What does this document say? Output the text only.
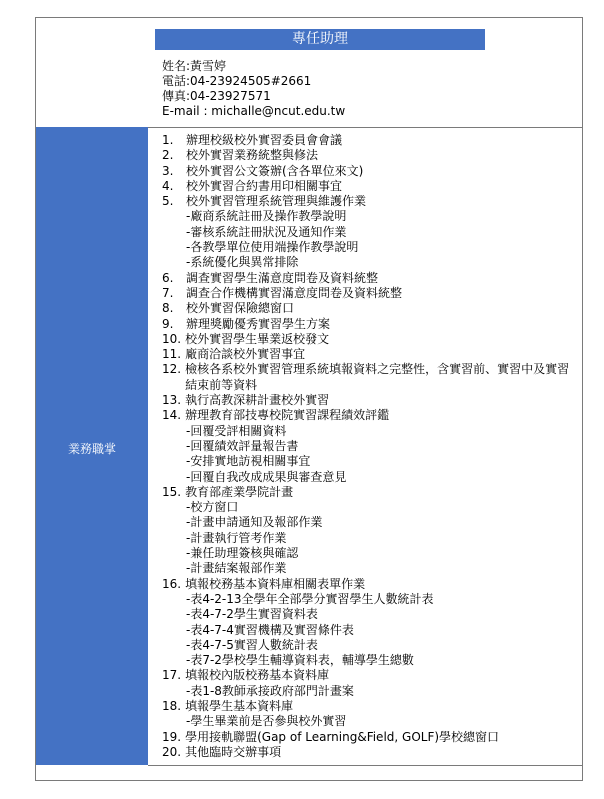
專任助理
姓名:黃雪婷
電話:04-23924505#2661
傳真:04-23927571
E-mail : michalle@ncut.edu.tw
業務職掌
1.	辦理校級校外實習委員會會議
2.	校外實習業務統整與修法
3.	校外實習公文簽辦(含各單位來文)
4.	校外實習合約書用印相關事宜
5.	校外實習管理系統管理與維護作業
-廠商系統註冊及操作教學說明
-審核系統註冊狀況及通知作業
-各教學單位使用端操作教學說明
-系統優化與異常排除
6.	調查實習學生滿意度問卷及資料統整
7.	調查合作機構實習滿意度問卷及資料統整
8.	校外實習保險總窗口
9.	辦理獎勵優秀實習學生方案
10. 校外實習學生畢業返校發文
11. 廠商洽談校外實習事宜
12. 檢核各系校外實習管理系統填報資料之完整性，含實習前、實習中及實習結束前等資料
13. 執行高教深耕計畫校外實習
14. 辦理教育部技專校院實習課程績效評鑑
-回覆受評相關資料
-回覆績效評量報告書
-安排實地訪視相關事宜
-回覆自我改成成果與審查意見
15. 教育部產業學院計畫
-校方窗口
-計畫申請通知及報部作業
-計畫執行管考作業
-兼任助理簽核與確認
-計畫結案報部作業
16. 填報校務基本資料庫相關表單作業
-表4-2-13全學年全部學分實習學生人數統計表
-表4-7-2學生實習資料表
-表4-7-4實習機構及實習條件表
-表4-7-5實習人數統計表
-表7-2學校學生輔導資料表，輔導學生總數
17. 填報校內版校務基本資料庫
-表1-8教師承接政府部門計畫案
18. 填報學生基本資料庫
-學生畢業前是否參與校外實習
19. 學用接軌聯盟(Gap of Learning&Field, GOLF)學校總窗口
20. 其他臨時交辦事項
